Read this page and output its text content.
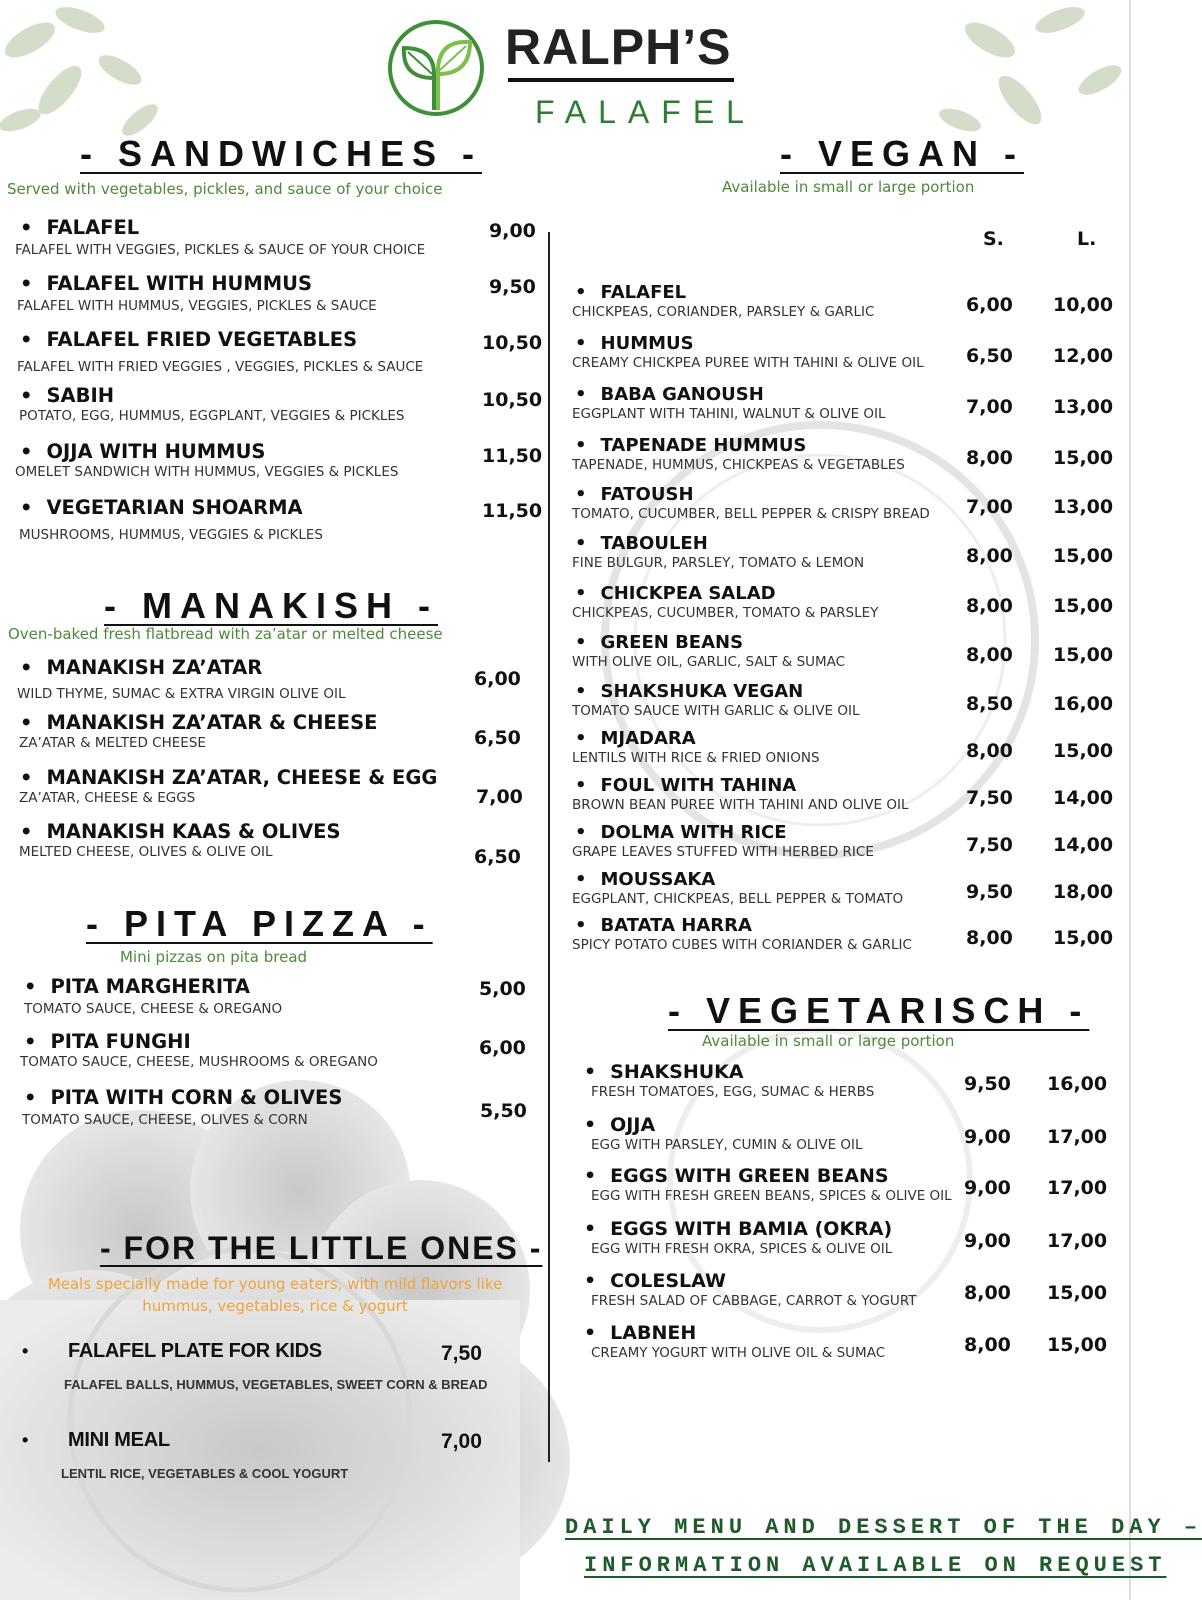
RALPH’S
FALAFEL
- SANDWICHES -
Served with vegetables, pickles, and sauce of your choice
• FALAFEL
FALAFEL WITH VEGGIES, PICKLES & SAUCE OF YOUR CHOICE
9,00
• FALAFEL WITH HUMMUS
FALAFEL WITH HUMMUS, VEGGIES, PICKLES & SAUCE
9,50
• FALAFEL FRIED VEGETABLES
FALAFEL WITH FRIED VEGGIES , VEGGIES, PICKLES & SAUCE
10,50
• SABIH
POTATO, EGG, HUMMUS, EGGPLANT, VEGGIES & PICKLES
10,50
• OJJA WITH HUMMUS
OMELET SANDWICH WITH HUMMUS, VEGGIES & PICKLES
11,50
• VEGETARIAN SHOARMA
MUSHROOMS, HUMMUS, VEGGIES & PICKLES
11,50
- MANAKISH -
Oven-baked fresh flatbread with za’atar or melted cheese
• MANAKISH ZA’ATAR
WILD THYME, SUMAC & EXTRA VIRGIN OLIVE OIL
6,00
• MANAKISH ZA’ATAR & CHEESE
ZA’ATAR & MELTED CHEESE	6,50
• MANAKISH ZA’ATAR, CHEESE & EGG
ZA’ATAR, CHEESE & EGGS	7,00
• MANAKISH KAAS & OLIVES
MELTED CHEESE, OLIVES & OLIVE OIL	6,50
- PITA PIZZA -
Mini pizzas on pita bread
• PITA MARGHERITA
TOMATO SAUCE, CHEESE & OREGANO
5,00
• PITA FUNGHI
TOMATO SAUCE, CHEESE, MUSHROOMS & OREGANO
6,00
• PITA WITH CORN & OLIVES
TOMATO SAUCE, CHEESE, OLIVES & CORN	5,50
- FOR THE LITTLE ONES -
Meals specially made for young eaters, with mild flavors like hummus, vegetables, rice & yogurt
• FALAFEL PLATE FOR KIDS
FALAFEL BALLS, HUMMUS, VEGETABLES, SWEET CORN & BREAD
7,50
• MINI MEAL
LENTIL RICE, VEGETABLES & COOL YOGURT
7,00
- VEGAN -
Available in small or large portion
S.	L.
• FALAFEL
CHICKPEAS, CORIANDER, PARSLEY & GARLIC	6,00 10,00
• HUMMUS
CREAMY CHICKPEA PUREE WITH TAHINI & OLIVE OIL 6,50 12,00
• BABA GANOUSH
EGGPLANT WITH TAHINI, WALNUT & OLIVE OIL	7,00 13,00
• TAPENADE HUMMUS
TAPENADE, HUMMUS, CHICKPEAS & VEGETABLES	8,00 15,00
• FATOUSH
TOMATO, CUCUMBER, BELL PEPPER & CRISPY BREAD 7,00 13,00
• TABOULEH
FINE BULGUR, PARSLEY, TOMATO & LEMON	8,00 15,00
• CHICKPEA SALAD
CHICKPEAS, CUCUMBER, TOMATO & PARSLEY	8,00 15,00
• GREEN BEANS
WITH OLIVE OIL, GARLIC, SALT & SUMAC	8,00 15,00
• SHAKSHUKA VEGAN
TOMATO SAUCE WITH GARLIC & OLIVE OIL	8,50 16,00
• MJADARA
LENTILS WITH RICE & FRIED ONIONS	8,00 15,00
• FOUL WITH TAHINA
BROWN BEAN PUREE WITH TAHINI AND OLIVE OIL	7,50 14,00
• DOLMA WITH RICE
GRAPE LEAVES STUFFED WITH HERBED RICE	7,50 14,00
• MOUSSAKA
EGGPLANT, CHICKPEAS, BELL PEPPER & TOMATO	9,50 18,00
• BATATA HARRA
SPICY POTATO CUBES WITH CORIANDER & GARLIC	8,00 15,00
- VEGETARISCH -
Available in small or large portion
• SHAKSHUKA
FRESH TOMATOES, EGG, SUMAC & HERBS	9,50 16,00
• OJJA
EGG WITH PARSLEY, CUMIN & OLIVE OIL	9,00 17,00
• EGGS WITH GREEN BEANS
EGG WITH FRESH GREEN BEANS, SPICES & OLIVE OIL 9,00 17,00
• EGGS WITH BAMIA (OKRA)
EGG WITH FRESH OKRA, SPICES & OLIVE OIL	9,00 17,00
• COLESLAW
FRESH SALAD OF CABBAGE, CARROT & YOGURT	8,00 15,00
• LABNEH
CREAMY YOGURT WITH OLIVE OIL & SUMAC	8,00 15,00
DAILY MENU AND DESSERT OF THE DAY –
INFORMATION AVAILABLE ON REQUEST
